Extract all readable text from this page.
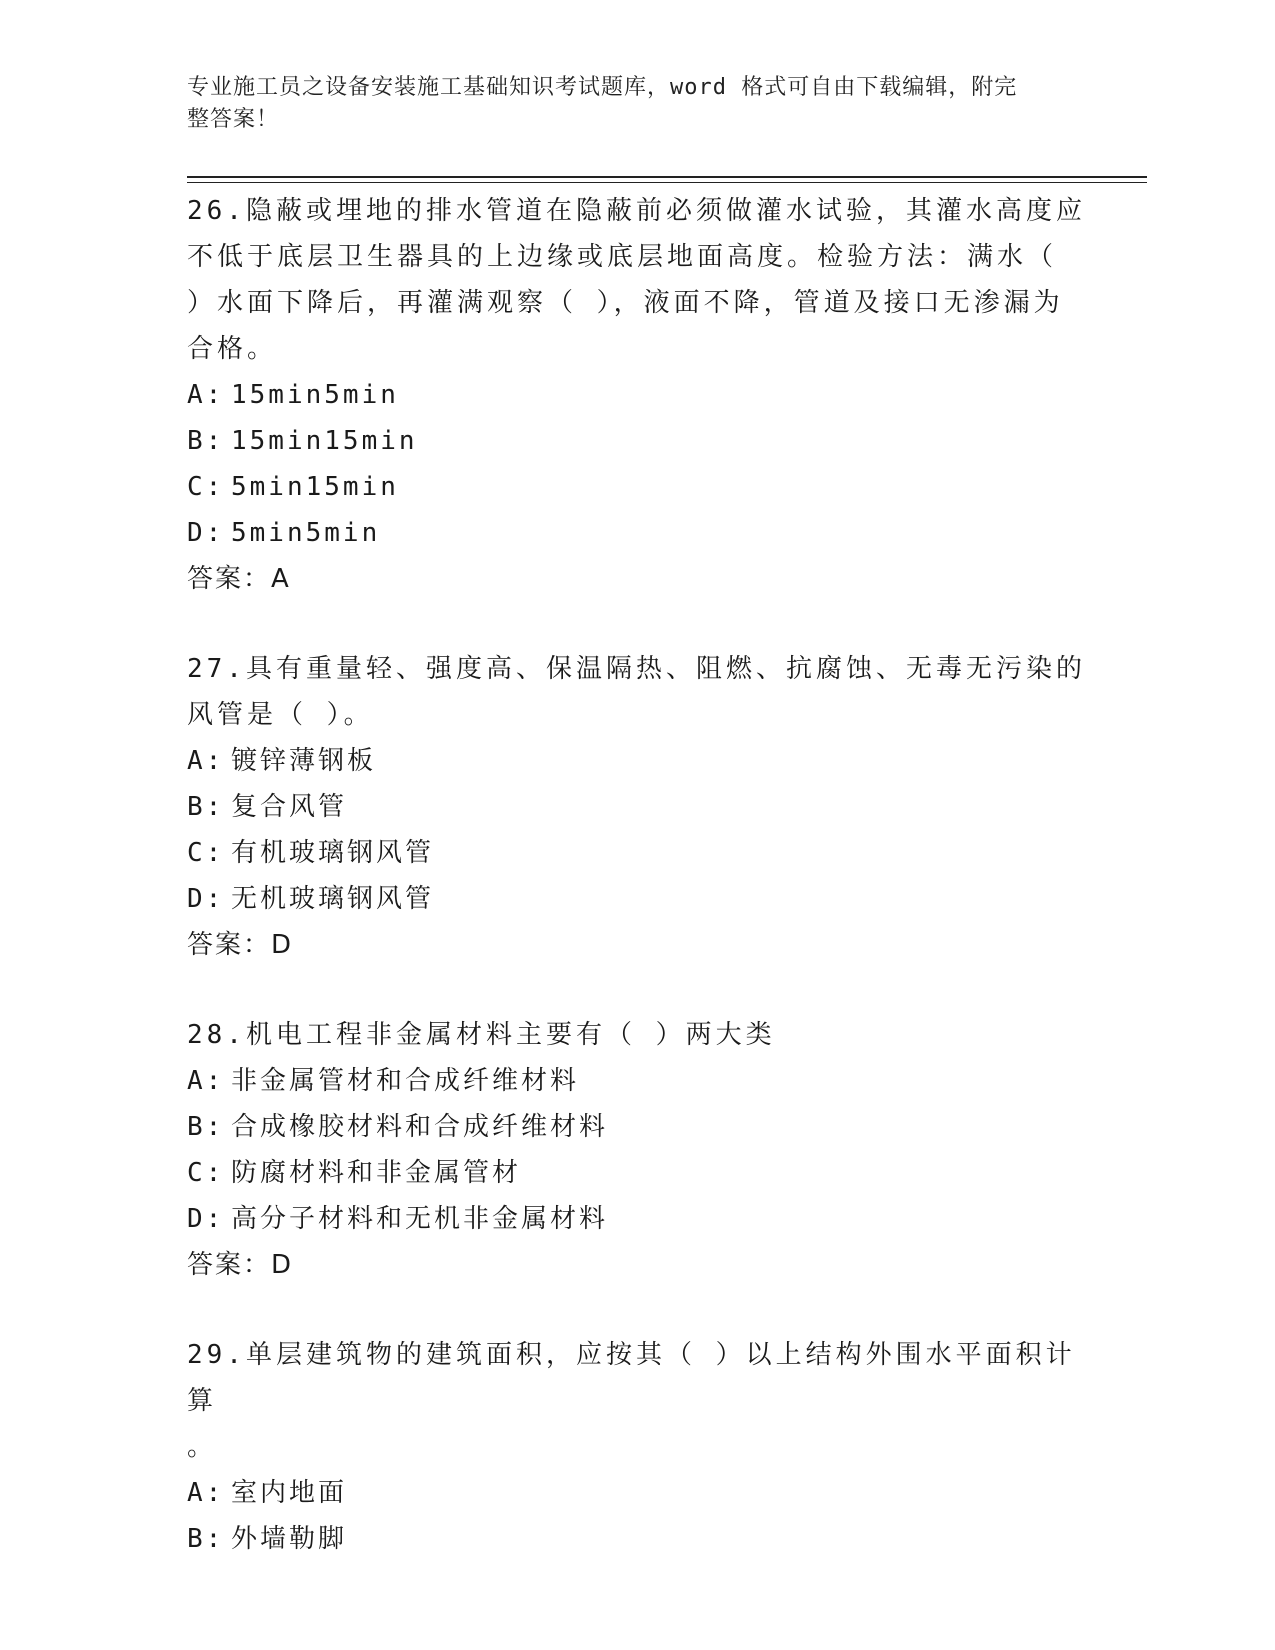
专业施工员之设备安装施工基础知识考试题库，word 格式可自由下载编辑，附完
整答案！

26.隐蔽或埋地的排水管道在隐蔽前必须做灌水试验，其灌水高度应不低于底层卫生器具的上边缘或底层地面高度。检验方法：满水（ ）水面下降后，再灌满观察（ ），液面不降，管道及接口无渗漏为合格。

A: 15min5min

B: 15min15min

C: 5min15min

D: 5min5min

答案：A

27.具有重量轻、强度高、保温隔热、阻燃、抗腐蚀、无毒无污染的风管是（ ）。

A: 镀锌薄钢板

B: 复合风管

C: 有机玻璃钢风管

D: 无机玻璃钢风管

答案：D

28.机电工程非金属材料主要有（ ）两大类

A: 非金属管材和合成纤维材料

B: 合成橡胶材料和合成纤维材料

C: 防腐材料和非金属管材

D: 高分子材料和无机非金属材料

答案：D

29.单层建筑物的建筑面积，应按其（ ）以上结构外围水平面积计算
。

A: 室内地面

B: 外墙勒脚
